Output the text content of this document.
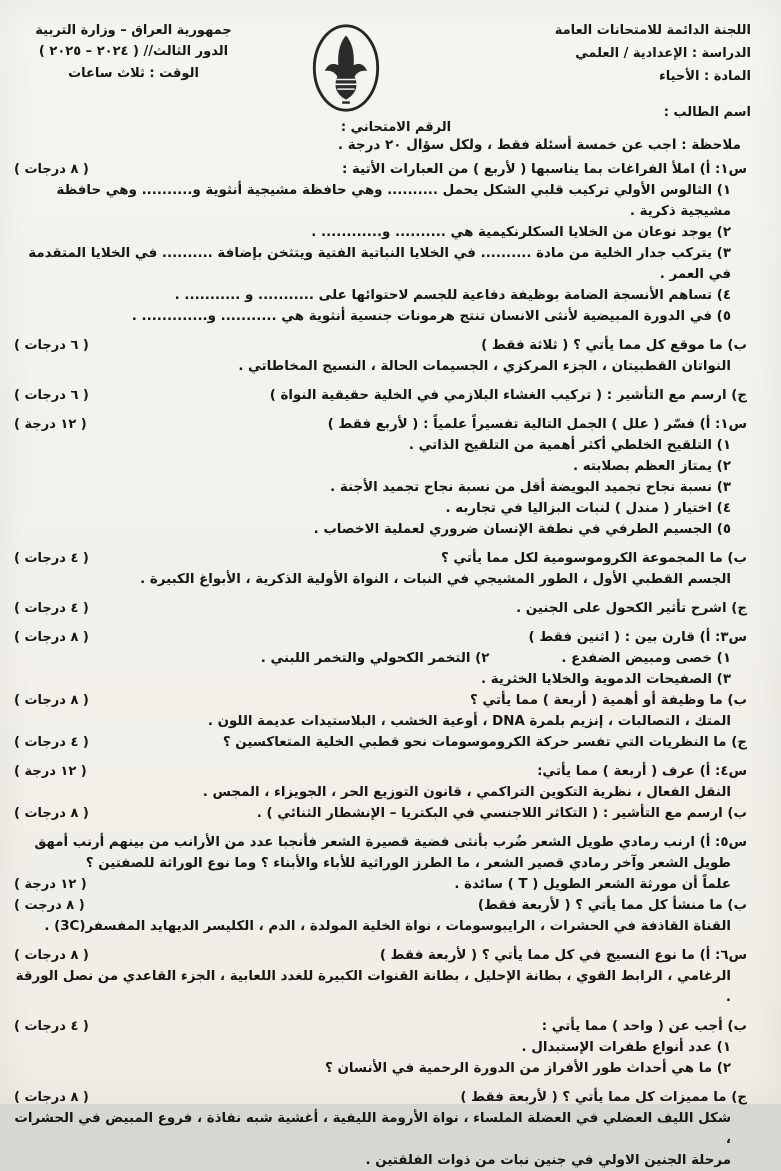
اللجنة الدائمة للامتحانات العامة
الدراسة : الإعدادية / العلمي
المادة : الأحياء
اسم الطالب :
الرقم الامتحاني :
جمهورية العراق – وزارة التربية
الدور الثالث// ( ٢٠٢٤ – ٢٠٢٥ )
الوقت : ثلاث ساعات
ملاحظة : اجب عن خمسة أسئلة فقط ، ولكل سؤال ٢٠ درجة .
س١: أ) املأ الفراغات بما يناسبها ( لأربع ) من العبارات الأتية :
( ٨ درجات )
١) الثالوس الأولي تركيب قلبي الشكل يحمل .......... وهي حافظة مشيجية أنثوية و.......... وهي حافظة مشيجية ذكرية .
٢) يوجد نوعان من الخلايا السكلرنكيمية هي .......... و............ .
٣) يتركب جدار الخلية من مادة .......... في الخلايا النباتية الفتية ويتثخن بإضافة .......... في الخلايا المتقدمة في العمر .
٤) تساهم الأنسجة الضامة بوظيفة دفاعية للجسم لاحتوائها على ........... و ........... .
٥) في الدورة المبيضية لأنثى الانسان تنتج هرمونات جنسية أنثوية هي ........... و............. .
ب) ما موقع كل مما يأتي ؟ ( ثلاثة فقط )
( ٦ درجات )
النواتان القطبيتان ، الجزء المركزي ، الجسيمات الحالة ، النسيج المخاطاتي .
ج) ارسم مع التأشير : ( تركيب الغشاء البلازمي في الخلية حقيقية النواة )
( ٦ درجات )
س١: أ) فسّر ( علل ) الجمل التالية تفسيراً علمياً : ( لأربع فقط )
( ١٢ درجة )
١) التلقيح الخلطي أكثر أهمية من التلقيح الذاتي .
٢) يمتاز العظم بصلابته .
٣) نسبة نجاح تجميد البويضة أقل من نسبة نجاح تجميد الأجنة .
٤) اختيار ( مندل ) لنبات البزاليا في تجاربه .
٥) الجسيم الطرفي في نطفة الإنسان ضروري لعملية الاخصاب .
ب) ما المجموعة الكروموسومية لكل مما يأتي ؟
( ٤ درجات )
الجسم القطبي الأول ، الطور المشيجي في النبات ، النواة الأولية الذكرية ، الأبواغ الكبيرة .
ج) اشرح تأثير الكحول على الجنين .
( ٤ درجات )
س٣: أ) قارن بين : ( اثنين فقط )
( ٨ درجات )
١) خصى ومبيض الضفدع .٢) التخمر الكحولي والتخمر اللبني .
٣) الصفيحات الدموية والخلايا الخثرية .
ب) ما وظيفة أو أهمية ( أربعة ) مما يأتي ؟
( ٨ درجات )
المتك ، التصالبات ، إنزيم بلمرة DNA ، أوعية الخشب ، البلاستيدات عديمة اللون .
ج) ما النظريات التي تفسر حركة الكروموسومات نحو قطبي الخلية المتعاكسين ؟
( ٤ درجات )
س٤: أ) عرف ( أربعة ) مما يأتي:
( ١٢ درجة )
النقل الفعال ، نظرية التكوين التراكمي ، قانون التوزيع الحر ، الجويزاء ، المجس .
ب) ارسم مع التأشير : ( التكاثر اللاجنسي في البكتريا – الإنشطار الثنائي ) .
( ٨ درجات )
س٥: أ) ارنب رمادي طويل الشعر ضُرب بأنثى فضية قصيرة الشعر فأنجبا عدد من الأرانب من بينهم أرنب أمهق
طويل الشعر وآخر رمادي قصير الشعر ، ما الطرز الوراثية للأباء والأبناء ؟ وما نوع الوراثة للصفتين ؟
علماً أن مورثة الشعر الطويل ‎( T )‎ سائدة .
( ١٢ درجة )
ب) ما منشأ كل مما يأتي ؟ ( لأربعة فقط)
( ٨ درجت )
القناة القاذفة في الحشرات ، الرايبوسومات ، نواة الخلية المولدة ، الدم ، الكليسر الديهايد المفسفر‎(3C)‎ .
س٦: أ) ما نوع النسيج في كل مما يأتي ؟ ( لأربعة فقط )
( ٨ درجات )
الرغامي ، الرابط القوي ، بطانة الإحليل ، بطانة القنوات الكبيرة للغدد اللعابية ، الجزء القاعدي من نصل الورقة .
ب) أجب عن ( واحد ) مما يأتي :
( ٤ درجات )
١) عدد أنواع طفرات الإستبدال .
٢) ما هي أحداث طور الأفراز من الدورة الرحمية في الأنسان ؟
ج) ما مميزات كل مما يأتي ؟ ( لأربعة فقط )
( ٨ درجات )
شكل الليف العضلي في العضلة الملساء ، نواة الأرومة الليفية ، أغشية شبه نفاذة ، فروع المبيض في الحشرات ،
مرحلة الجنين الاولي في جنين نبات من ذوات الفلقتين .
